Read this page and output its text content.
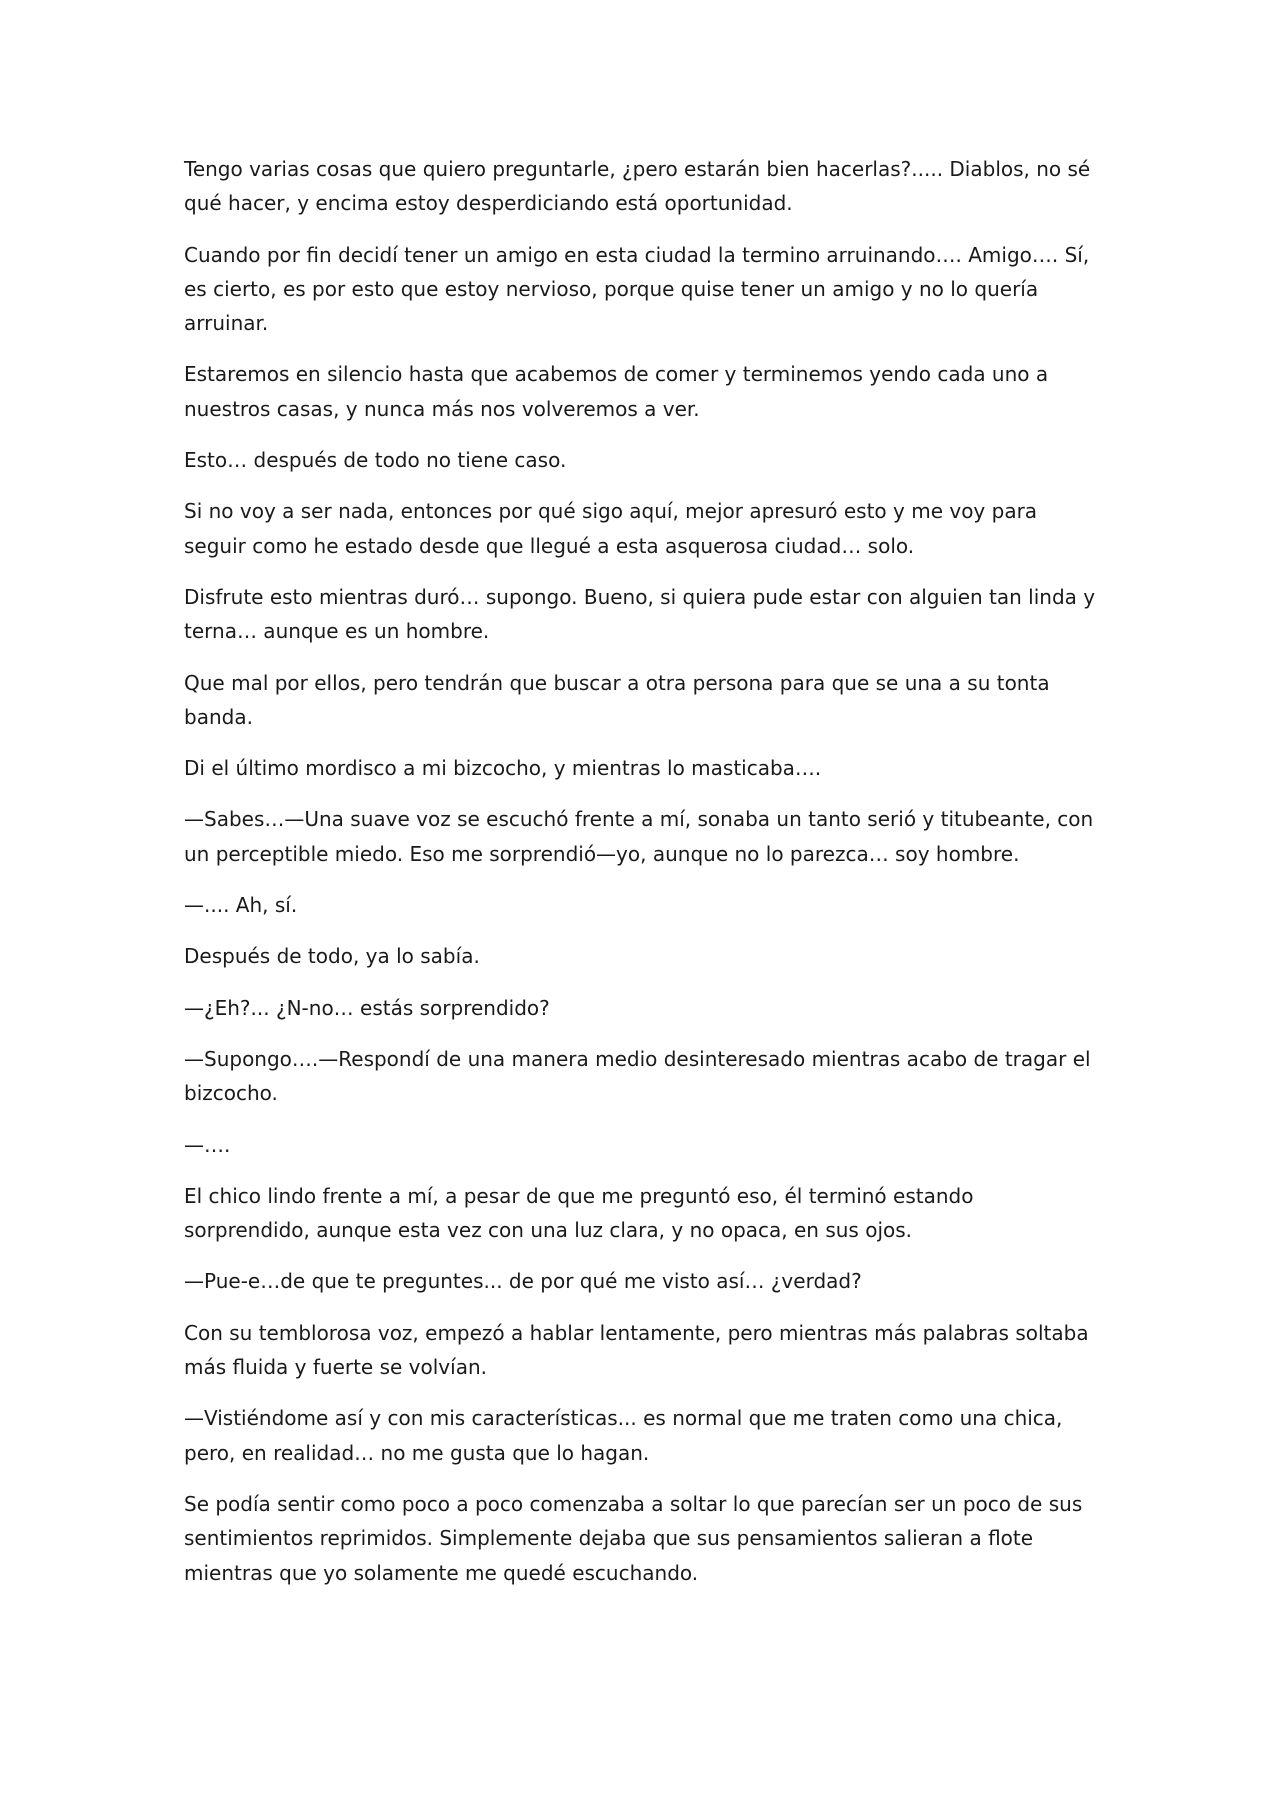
Tengo varias cosas que quiero preguntarle, ¿pero estarán bien hacerlas?..... Diablos, no sé qué hacer, y encima estoy desperdiciando está oportunidad.

Cuando por fin decidí tener un amigo en esta ciudad la termino arruinando…. Amigo…. Sí, es cierto, es por esto que estoy nervioso, porque quise tener un amigo y no lo quería arruinar.

Estaremos en silencio hasta que acabemos de comer y terminemos yendo cada uno a nuestros casas, y nunca más nos volveremos a ver.

Esto… después de todo no tiene caso.

Si no voy a ser nada, entonces por qué sigo aquí, mejor apresuró esto y me voy para seguir como he estado desde que llegué a esta asquerosa ciudad… solo.

Disfrute esto mientras duró… supongo. Bueno, si quiera pude estar con alguien tan linda y terna… aunque es un hombre.

Que mal por ellos, pero tendrán que buscar a otra persona para que se una a su tonta banda.

Di el último mordisco a mi bizcocho, y mientras lo masticaba….

—Sabes…—Una suave voz se escuchó frente a mí, sonaba un tanto serió y titubeante, con un perceptible miedo. Eso me sorprendió—yo, aunque no lo parezca… soy hombre.

—.... Ah, sí.

Después de todo, ya lo sabía.

—¿Eh?... ¿N-no… estás sorprendido?

—Supongo….—Respondí de una manera medio desinteresado mientras acabo de tragar el bizcocho.

—….

El chico lindo frente a mí, a pesar de que me preguntó eso, él terminó estando sorprendido, aunque esta vez con una luz clara, y no opaca, en sus ojos.

—Pue-e…de que te preguntes... de por qué me visto así… ¿verdad?

Con su temblorosa voz, empezó a hablar lentamente, pero mientras más palabras soltaba más fluida y fuerte se volvían.

—Vistiéndome así y con mis características... es normal que me traten como una chica, pero, en realidad… no me gusta que lo hagan.

Se podía sentir como poco a poco comenzaba a soltar lo que parecían ser un poco de sus sentimientos reprimidos. Simplemente dejaba que sus pensamientos salieran a flote mientras que yo solamente me quedé escuchando.
